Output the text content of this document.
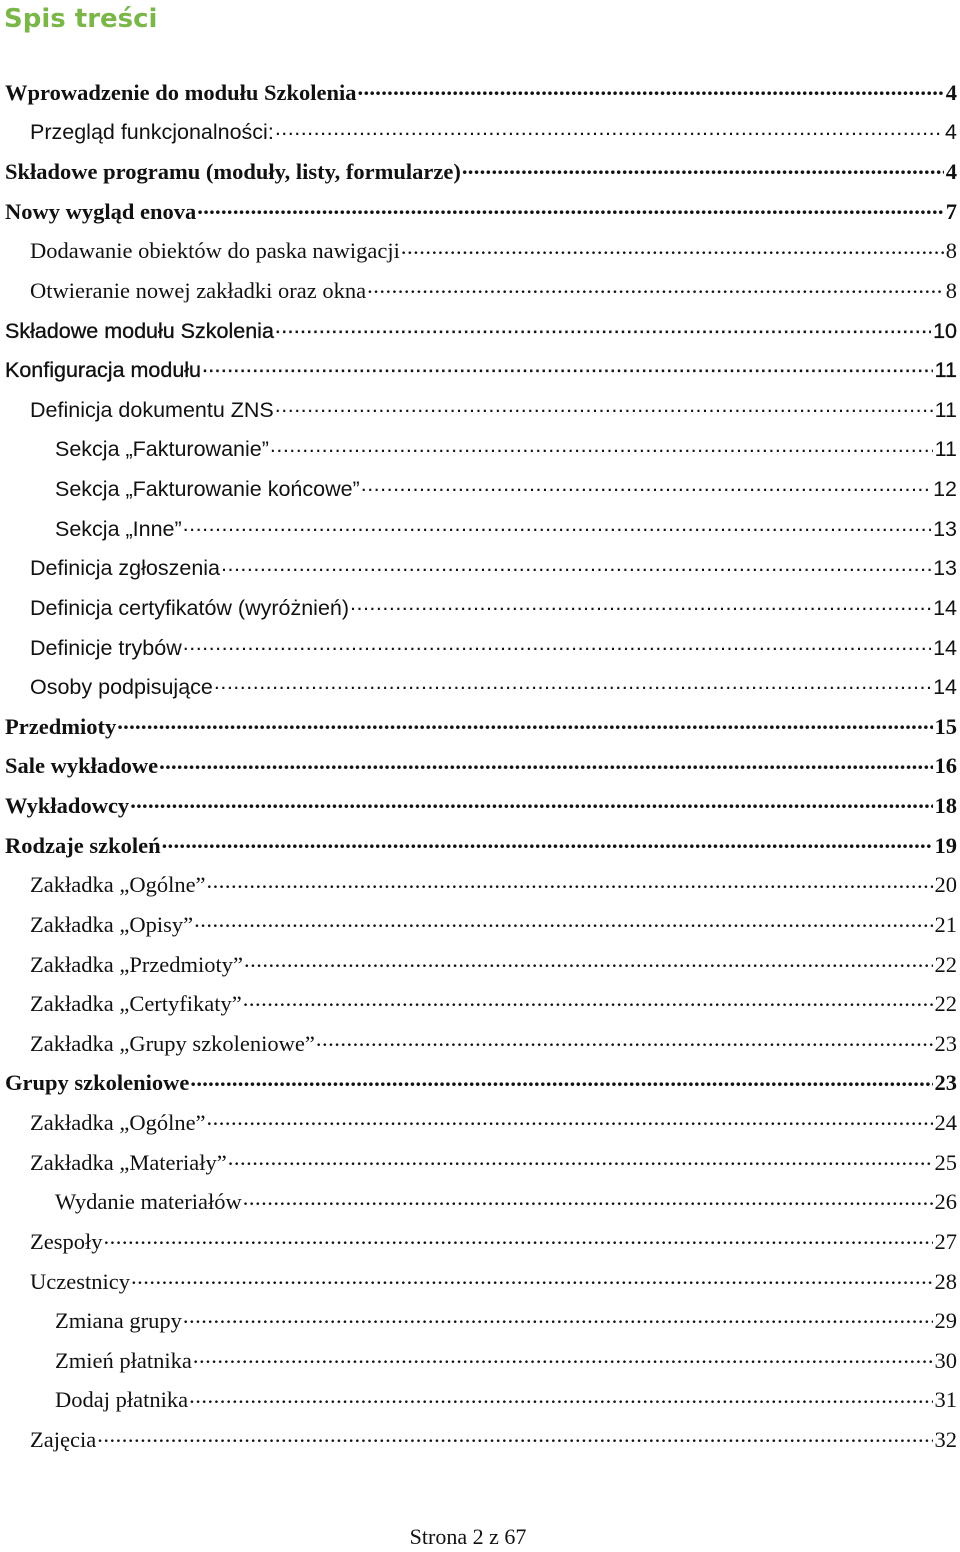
Spis treści
Wprowadzenie do modułu Szkolenia .....	4
Przegląd funkcjonalności: .....	4
Składowe programu (moduły, listy, formularze) .....	4
Nowy wygląd enova .....	7
Dodawanie obiektów do paska nawigacji .....	8
Otwieranie nowej zakładki oraz okna .....	8
Składowe modułu Szkolenia .....	10
Konfiguracja modułu .....	11
Definicja dokumentu ZNS .....	11
Sekcja „Fakturowanie” .....	11
Sekcja „Fakturowanie końcowe” .....	12
Sekcja „Inne” .....	13
Definicja zgłoszenia .....	13
Definicja certyfikatów (wyróżnień) .....	14
Definicje trybów .....	14
Osoby podpisujące .....	14
Przedmioty .....	15
Sale wykładowe .....	16
Wykładowcy .....	18
Rodzaje szkoleń .....	19
Zakładka „Ogólne” .....	20
Zakładka „Opisy” .....	21
Zakładka „Przedmioty” .....	22
Zakładka „Certyfikaty” .....	22
Zakładka „Grupy szkoleniowe” .....	23
Grupy szkoleniowe .....	23
Zakładka „Ogólne” .....	24
Zakładka „Materiały” .....	25
Wydanie materiałów .....	26
Zespoły .....	27
Uczestnicy .....	28
Zmiana grupy .....	29
Zmień płatnika .....	30
Dodaj płatnika .....	31
Zajęcia .....	32
Strona 2 z 67
